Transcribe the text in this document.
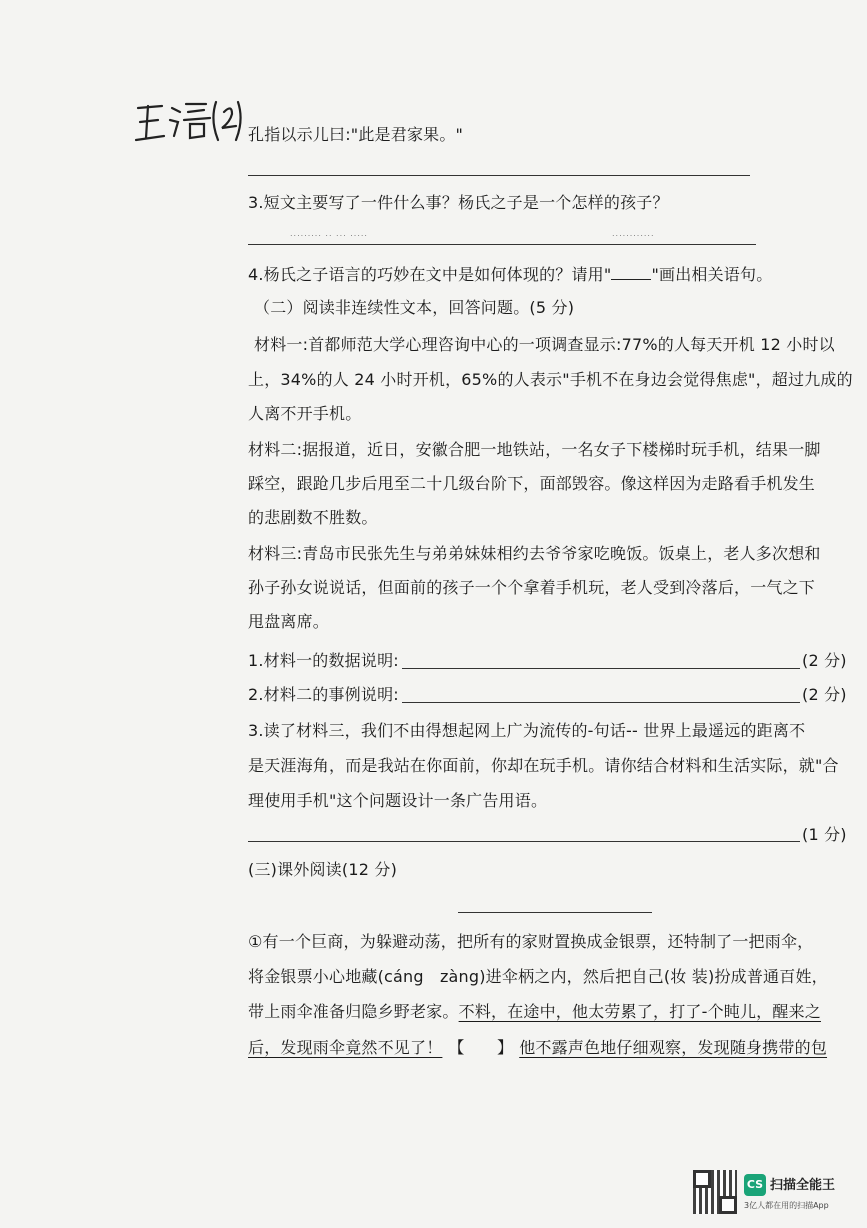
孔指以示儿曰:"此是君家果。"
3.短文主要写了一件什么事？杨氏之子是一个怎样的孩子？
......... .. ... .....	............
4.杨氏之子语言的巧妙在文中是如何体现的？请用"	"画出相关语句。
（二）阅读非连续性文本，回答问题。(5 分)
材料一:首都师范大学心理咨询中心的一项调查显示:77%的人每天开机 12 小时以
上，34%的人 24 小时开机，65%的人表示"手机不在身边会觉得焦虑"，超过九成的
人离不开手机。
材料二:据报道，近日，安徽合肥一地铁站，一名女子下楼梯时玩手机，结果一脚
踩空，跟跄几步后甩至二十几级台阶下，面部毁容。像这样因为走路看手机发生
的悲剧数不胜数。
材料三:青岛市民张先生与弟弟妹妹相约去爷爷家吃晚饭。饭桌上，老人多次想和
孙子孙女说说话，但面前的孩子一个个拿着手机玩，老人受到冷落后，一气之下
甩盘离席。
1.材料一的数据说明:	(2 分)
2.材料二的事例说明:	(2 分)
3.读了材料三，我们不由得想起网上广为流传的-句话-- 世界上最遥远的距离不
是天涯海角，而是我站在你面前，你却在玩手机。请你结合材料和生活实际，就"合
理使用手机"这个问题设计一条广告用语。
(1 分)
(三)课外阅读(12 分)
①有一个巨商，为躲避动荡，把所有的家财置换成金银票，还特制了一把雨伞，
将金银票小心地藏(cáng　zàng)进伞柄之内，然后把自己(妆 装)扮成普通百姓，
带上雨伞准备归隐乡野老家。不料，在途中，他太劳累了，打了-个盹儿，醒来之
后，发现雨伞竟然不见了！ 【　　】 他不露声色地仔细观察，发现随身携带的包
CS 扫描全能王
3亿人都在用的扫描App
